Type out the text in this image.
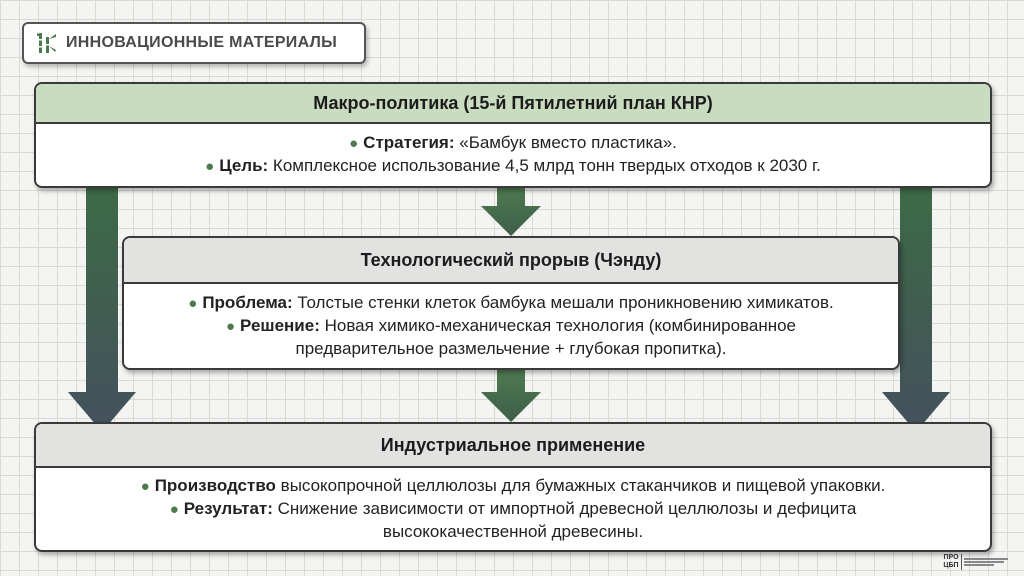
ИННОВАЦИОННЫЕ МАТЕРИАЛЫ
Макро-политика (15-й Пятилетний план КНР)
● Стратегия: «Бамбук вместо пластика».
● Цель: Комплексное использование 4,5 млрд тонн твердых отходов к 2030 г.
Технологический прорыв (Чэнду)
● Проблема: Толстые стенки клеток бамбука мешали проникновению химикатов.
● Решение: Новая химико-механическая технология (комбинированное
предварительное размельчение + глубокая пропитка).
Индустриальное применение
● Производство высокопрочной целлюлозы для бумажных стаканчиков и пищевой упаковки.
● Результат: Снижение зависимости от импортной древесной целлюлозы и дефицита
высококачественной древесины.
ПРО
ЦБП
